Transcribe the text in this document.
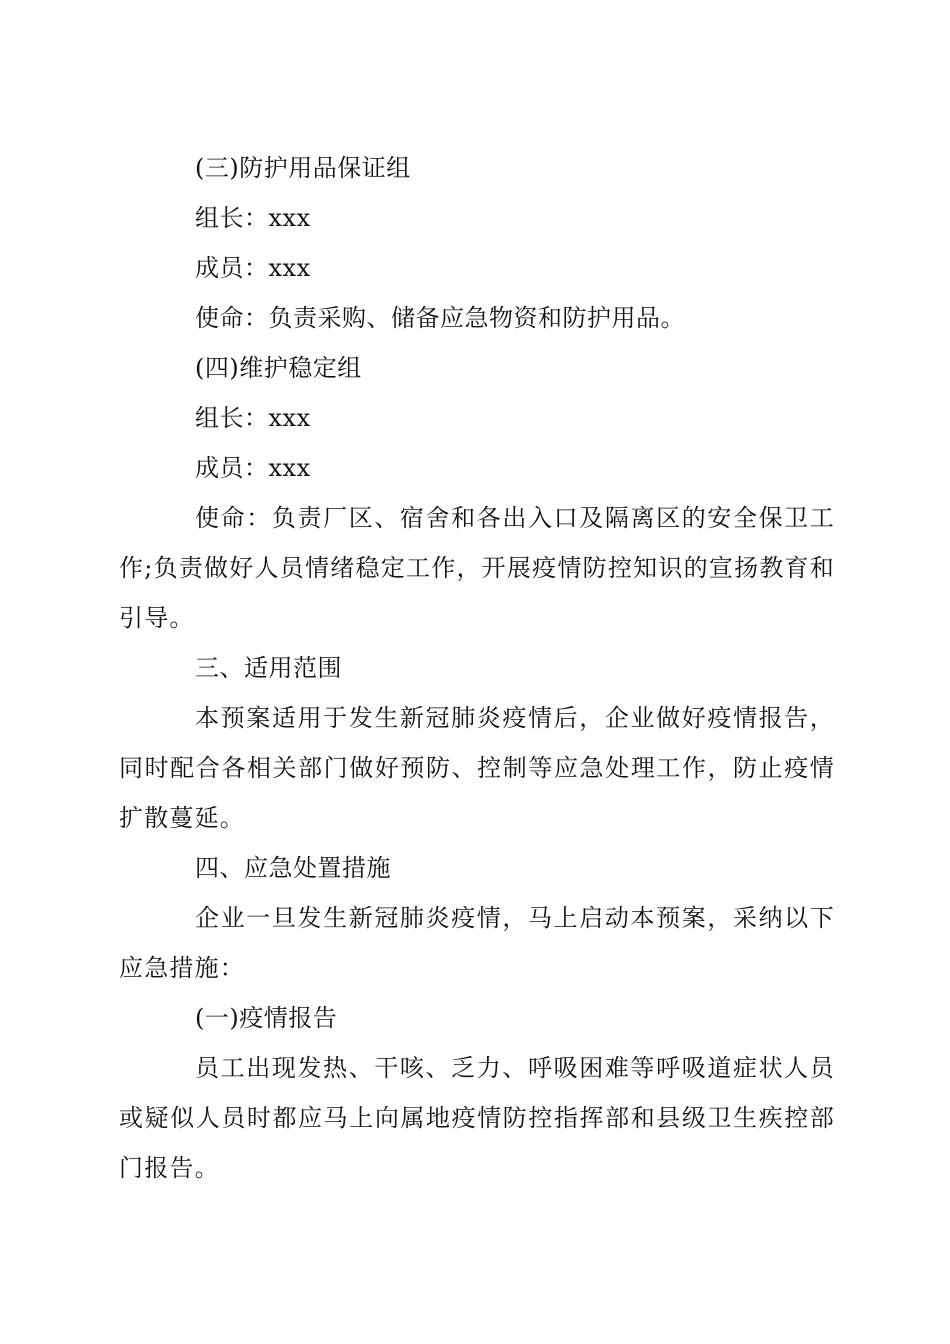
(三)防护用品保证组
组长：xxx
成员：xxx
使命：负责采购、储备应急物资和防护用品。
(四)维护稳定组
组长：xxx
成员：xxx
使命：负责厂区、宿舍和各出入口及隔离区的安全保卫工作;负责做好人员情绪稳定工作，开展疫情防控知识的宣扬教育和引导。
三、适用范围
本预案适用于发生新冠肺炎疫情后，企业做好疫情报告，同时配合各相关部门做好预防、控制等应急处理工作，防止疫情扩散蔓延。
四、应急处置措施
企业一旦发生新冠肺炎疫情，马上启动本预案，采纳以下应急措施：
(一)疫情报告
员工出现发热、干咳、乏力、呼吸困难等呼吸道症状人员或疑似人员时都应马上向属地疫情防控指挥部和县级卫生疾控部门报告。
